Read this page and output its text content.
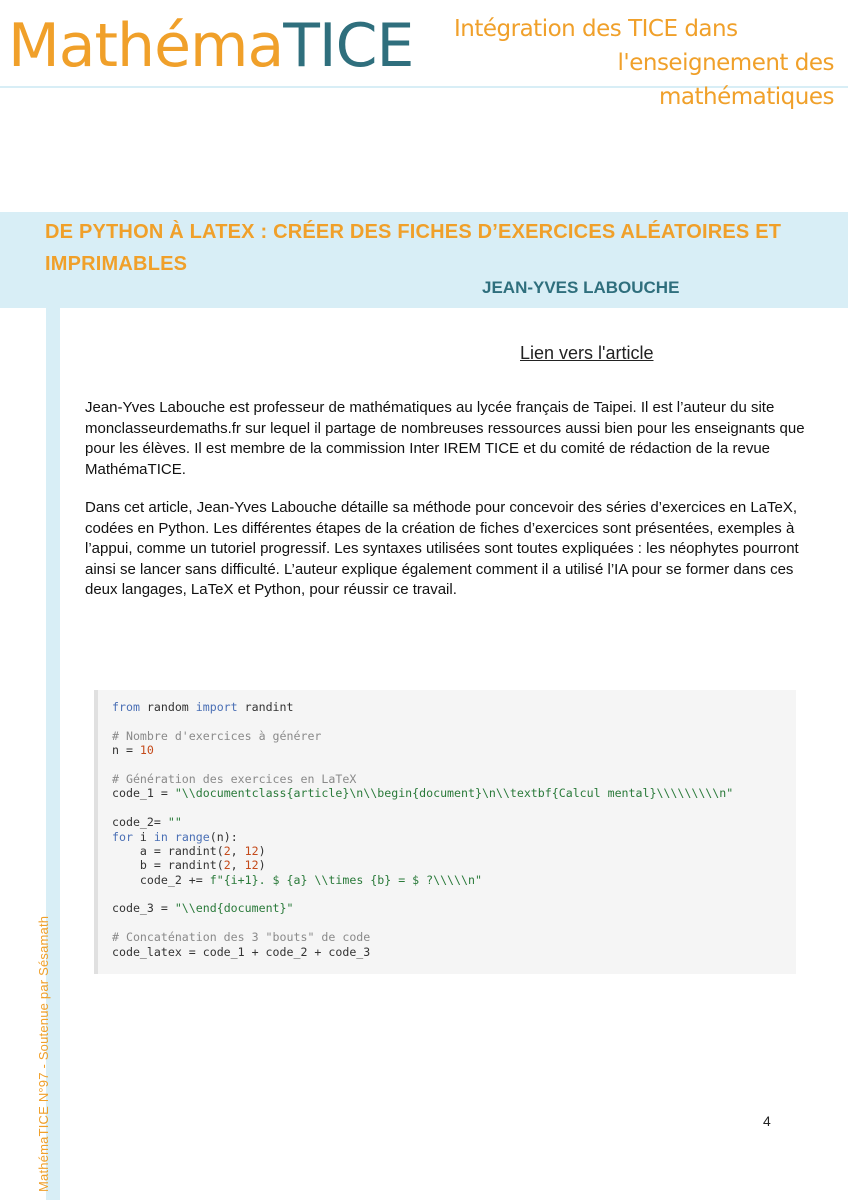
MathémaTICE Intégration des TICE dans
l'enseignement des mathématiques
MathémaTICE N°97 - Soutenue par Sésamath
DE PYTHON À LATEX : CRÉER DES FICHES D’EXERCICES ALÉATOIRES ET IMPRIMABLES
JEAN-YVES LABOUCHE
Lien vers l'article
Jean-Yves Labouche est professeur de mathématiques au lycée français de Taipei. Il est l’auteur du site monclasseurdemaths.fr sur lequel il partage de nombreuses ressources aussi bien pour les enseignants que pour les élèves. Il est membre de la commission Inter IREM TICE et du comité de rédaction de la revue MathémaTICE.
Dans cet article, Jean-Yves Labouche détaille sa méthode pour concevoir des séries d’exercices en LaTeX, codées en Python. Les différentes étapes de la création de fiches d’exercices sont présentées, exemples à l’appui, comme un tutoriel progressif. Les syntaxes utilisées sont toutes expliquées : les néophytes pourront ainsi se lancer sans difficulté. L’auteur explique également comment il a utilisé l’IA pour se former dans ces deux langages, LaTeX et Python, pour réussir ce travail.
from random import randint
# Nombre d'exercices à générer
n = 10
# Génération des exercices en LaTeX
code_1 = "\\documentclass{article}\n\\begin{document}\n\\textbf{Calcul mental}\\\\\\\\\n"
code_2= ""
for i in range(n):
a = randint(2, 12)
b = randint(2, 12)
code_2 += f"{i+1}. $ {a} \\times {b} = $ ?\\\\\n"
code_3 = "\\end{document}"
# Concaténation des 3 "bouts" de code
code_latex = code_1 + code_2 + code_3
4
